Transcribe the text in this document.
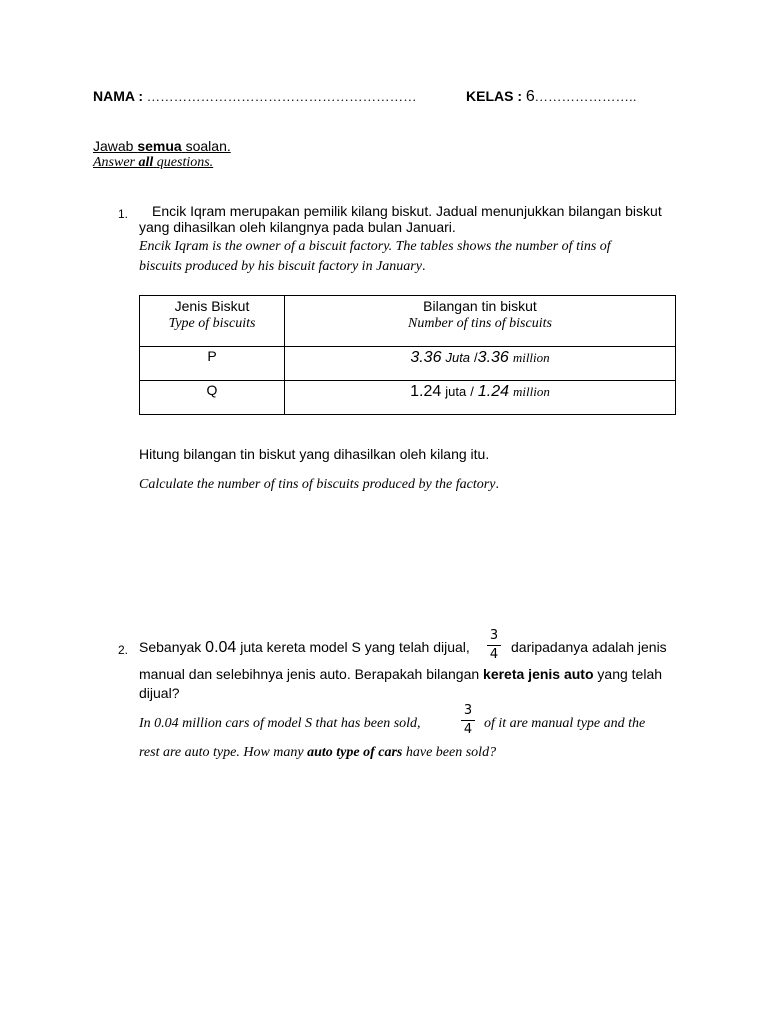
NAMA : ……………………………………………………	KELAS : 6…………………..
Jawab semua soalan.
Answer all questions.
1. Encik Iqram merupakan pemilik kilang biskut. Jadual menunjukkan bilangan biskut
yang dihasilkan oleh kilangnya pada bulan Januari.
Encik Iqram is the owner of a biscuit factory. The tables shows the number of tins of
biscuits produced by his biscuit factory in January.
Jenis Biskut
Type of biscuits	Bilangan tin biskut
Number of tins of biscuits

P	3.36 Juta /3.36 million

Q	1.24 juta / 1.24 million
Hitung bilangan tin biskut yang dihasilkan oleh kilang itu.
Calculate the number of tins of biscuits produced by the factory.
2. Sebanyak 0.04 juta kereta model S yang telah dijual,
3
4 daripadanya adalah jenis
manual dan selebihnya jenis auto. Berapakah bilangan kereta jenis auto yang telah
dijual?
In 0.04 million cars of model S that has been sold,
3
4 of it are manual type and the
rest are auto type. How many auto type of cars have been sold?
